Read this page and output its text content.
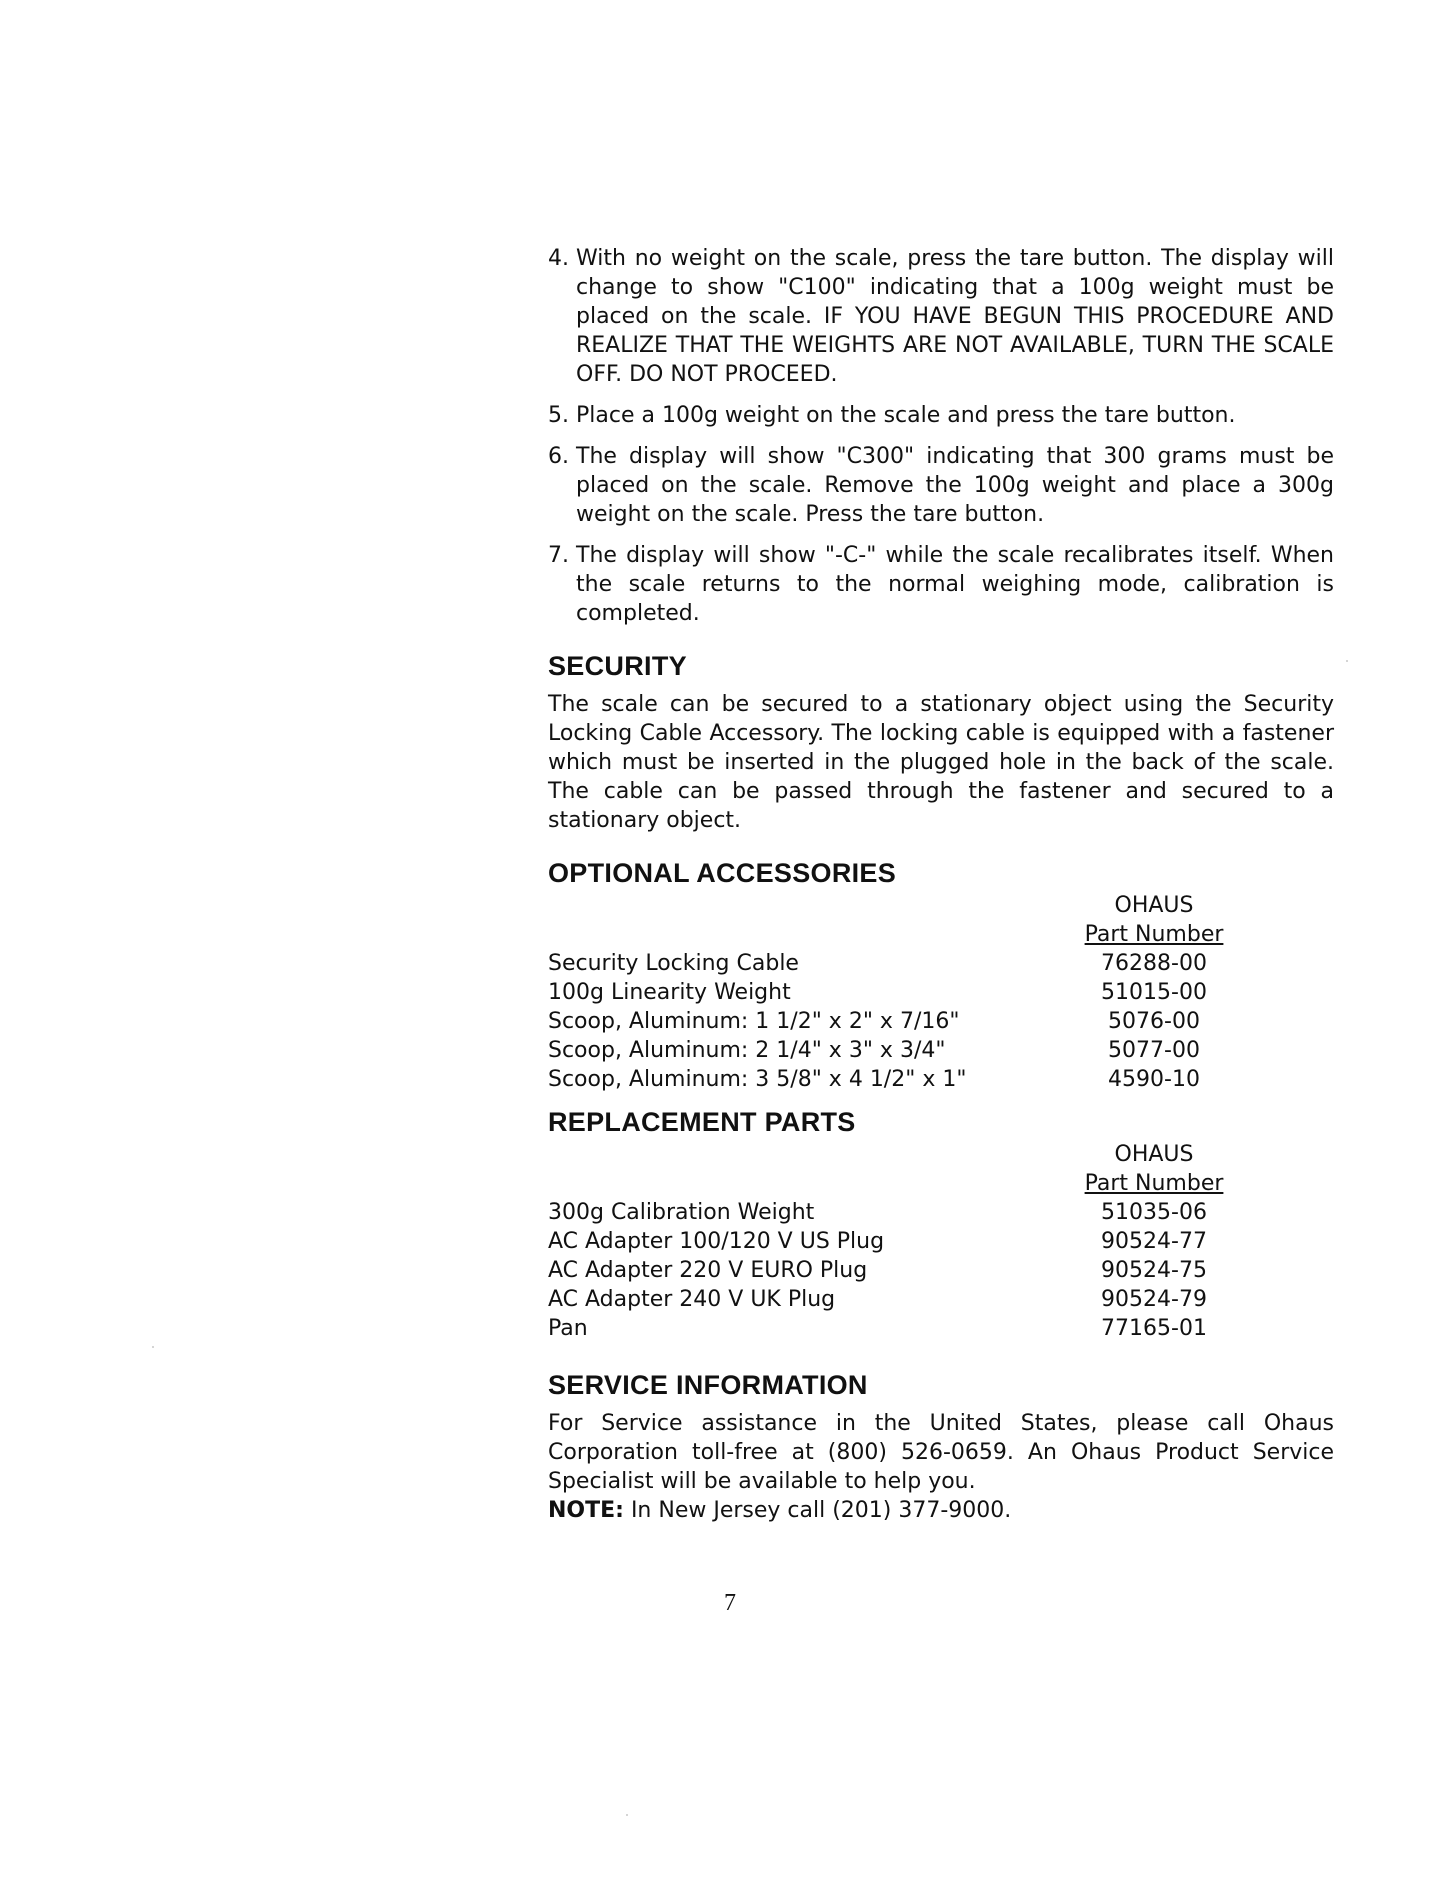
4. With no weight on the scale, press the tare button. The display will change to show "C100" indicating that a 100g weight must be placed on the scale. IF YOU HAVE BEGUN THIS PROCEDURE AND REALIZE THAT THE WEIGHTS ARE NOT AVAILABLE, TURN THE SCALE OFF. DO NOT PROCEED.
5. Place a 100g weight on the scale and press the tare button.
6. The display will show "C300" indicating that 300 grams must be placed on the scale. Remove the 100g weight and place a 300g weight on the scale. Press the tare button.
7. The display will show "-C-" while the scale recalibrates itself. When the scale returns to the normal weighing mode, calibration is completed.
SECURITY

The scale can be secured to a stationary object using the Security Locking Cable Accessory. The locking cable is equipped with a fastener which must be inserted in the plugged hole in the back of the scale. The cable can be passed through the fastener and secured to a stationary object.

OPTIONAL ACCESSORIES
OHAUS
Part Number
Security Locking Cable	76288-00	
100g Linearity Weight	51015-00	
Scoop, Aluminum: 1 1/2" x 2" x 7/16"	5076-00	
Scoop, Aluminum: 2 1/4" x 3" x 3/4"	5077-00	
Scoop, Aluminum: 3 5/8" x 4 1/2" x 1"	4590-10	
REPLACEMENT PARTS
OHAUS
Part Number
300g Calibration Weight	51035-06	
AC Adapter 100/120 V US Plug	90524-77	
AC Adapter 220 V EURO Plug	90524-75	
AC Adapter 240 V UK Plug	90524-79	
Pan	77165-01	
SERVICE INFORMATION

For Service assistance in the United States, please call Ohaus Corporation toll-free at (800) 526-0659. An Ohaus Product Service Specialist will be available to help you.

NOTE: In New Jersey call (201) 377-9000.

7
